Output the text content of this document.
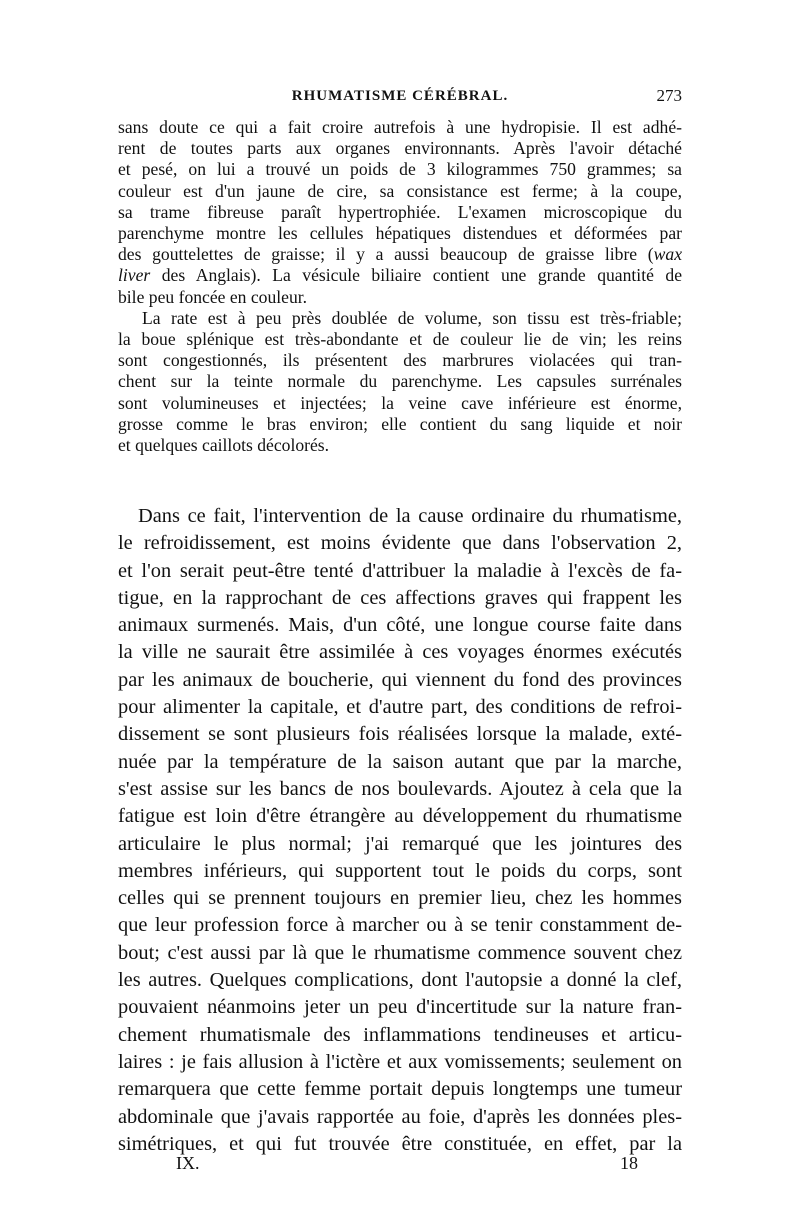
RHUMATISME CÉRÉBRAL.	273

sans doute ce qui a fait croire autrefois à une hydropisie. Il est adhé-
rent de toutes parts aux organes environnants. Après l'avoir détaché
et pesé, on lui a trouvé un poids de 3 kilogrammes 750 grammes; sa
couleur est d'un jaune de cire, sa consistance est ferme; à la coupe,
sa trame fibreuse paraît hypertrophiée. L'examen microscopique du
parenchyme montre les cellules hépatiques distendues et déformées par
des gouttelettes de graisse; il y a aussi beaucoup de graisse libre (wax
liver des Anglais). La vésicule biliaire contient une grande quantité de

bile peu foncée en couleur.

La rate est à peu près doublée de volume, son tissu est très-friable;

la boue splénique est très-abondante et de couleur lie de vin; les reins
sont congestionnés, ils présentent des marbrures violacées qui tran-
chent sur la teinte normale du parenchyme. Les capsules surrénales
sont volumineuses et injectées; la veine cave inférieure est énorme,
grosse comme le bras environ; elle contient du sang liquide et noir

et quelques caillots décolorés.

Dans ce fait, l'intervention de la cause ordinaire du rhumatisme,

le refroidissement, est moins évidente que dans l'observation 2,
et l'on serait peut-être tenté d'attribuer la maladie à l'excès de fa-
tigue, en la rapprochant de ces affections graves qui frappent les
animaux surmenés. Mais, d'un côté, une longue course faite dans
la ville ne saurait être assimilée à ces voyages énormes exécutés
par les animaux de boucherie, qui viennent du fond des provinces
pour alimenter la capitale, et d'autre part, des conditions de refroi-
dissement se sont plusieurs fois réalisées lorsque la malade, exté-
nuée par la température de la saison autant que par la marche,
s'est assise sur les bancs de nos boulevards. Ajoutez à cela que la
fatigue est loin d'être étrangère au développement du rhumatisme
articulaire le plus normal; j'ai remarqué que les jointures des
membres inférieurs, qui supportent tout le poids du corps, sont
celles qui se prennent toujours en premier lieu, chez les hommes
que leur profession force à marcher ou à se tenir constamment de-
bout; c'est aussi par là que le rhumatisme commence souvent chez
les autres. Quelques complications, dont l'autopsie a donné la clef,
pouvaient néanmoins jeter un peu d'incertitude sur la nature fran-
chement rhumatismale des inflammations tendineuses et articu-
laires : je fais allusion à l'ictère et aux vomissements; seulement on
remarquera que cette femme portait depuis longtemps une tumeur
abdominale que j'avais rapportée au foie, d'après les données ples-
simétriques, et qui fut trouvée être constituée, en effet, par la

IX.	18
